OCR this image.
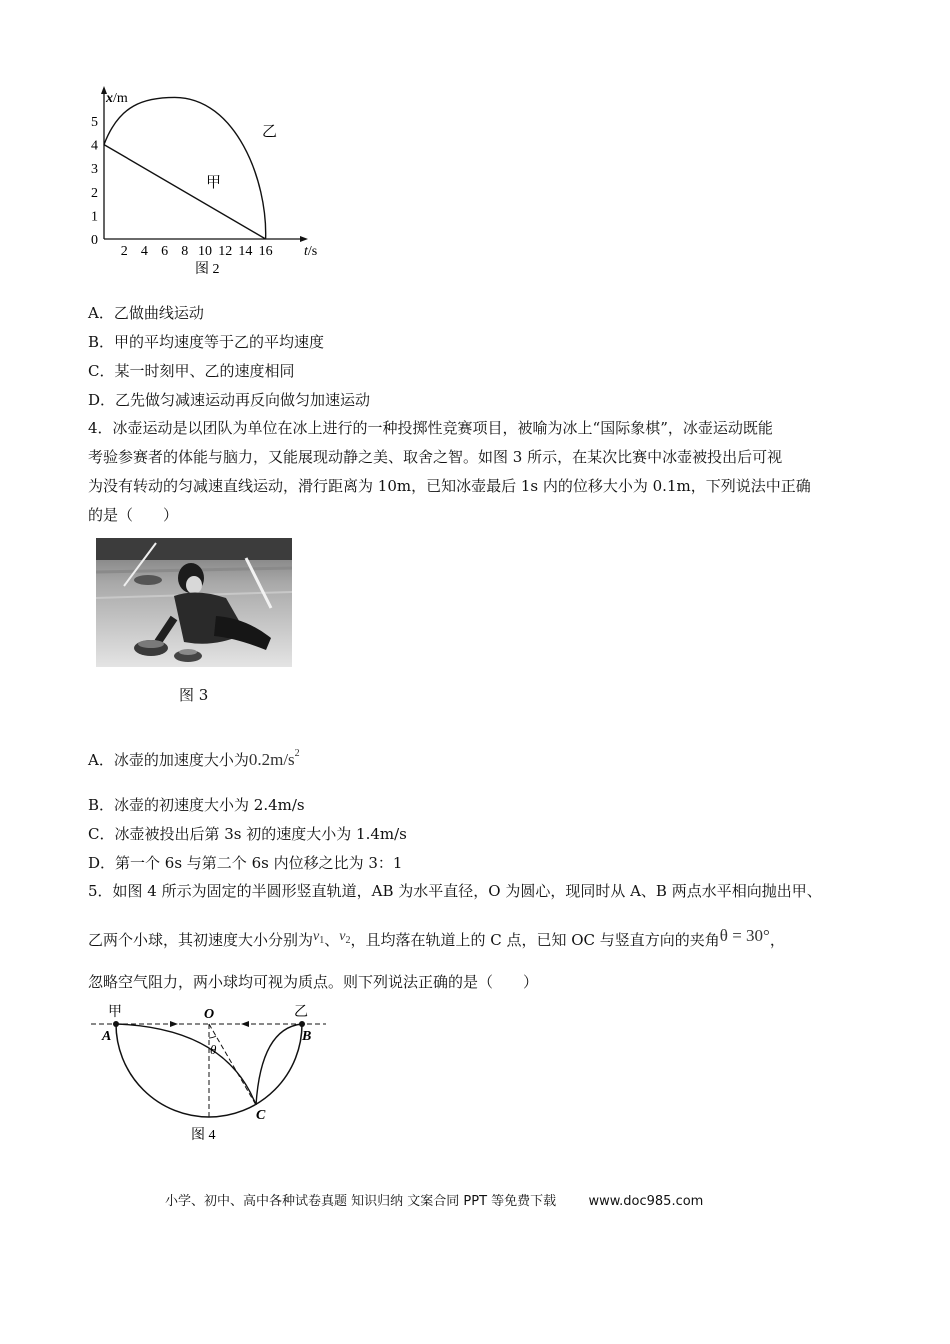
x/m
t/s
0
1
2
3
4
5
2 4 6 8 10 12 14 16
甲
乙
图 2
A．乙做曲线运动
B．甲的平均速度等于乙的平均速度
C．某一时刻甲、乙的速度相同
D．乙先做匀减速运动再反向做匀加速运动
4．冰壶运动是以团队为单位在冰上进行的一种投掷性竞赛项目，被喻为冰上“国际象棋”，冰壶运动既能
考验参赛者的体能与脑力，又能展现动静之美、取舍之智。如图 3 所示，在某次比赛中冰壶被投出后可视
为没有转动的匀减速直线运动，滑行距离为 10m，已知冰壶最后 1s 内的位移大小为 0.1m，下列说法中正确
的是（　　）
图 3
A．冰壶的加速度大小为$0.2m/s^2$
B．冰壶的初速度大小为 2.4m/s
C．冰壶被投出后第 3s 初的速度大小为 1.4m/s
D．第一个 6s 与第二个 6s 内位移之比为 3：1
5．如图 4 所示为固定的半圆形竖直轨道，AB 为水平直径，O 为圆心，现同时从 A、B 两点水平相向抛出甲、
乙两个小球，其初速度大小分别为v1、v2，且均落在轨道上的 C 点，已知 OC 与竖直方向的夹角θ = 30°，
忽略空气阻力，两小球均可视为质点。则下列说法正确的是（　　）
甲	乙
O
A	B
C
θ
图 4
小学、初中、高中各种试卷真题 知识归纳 文案合同 PPT 等免费下载 www.doc985.com
